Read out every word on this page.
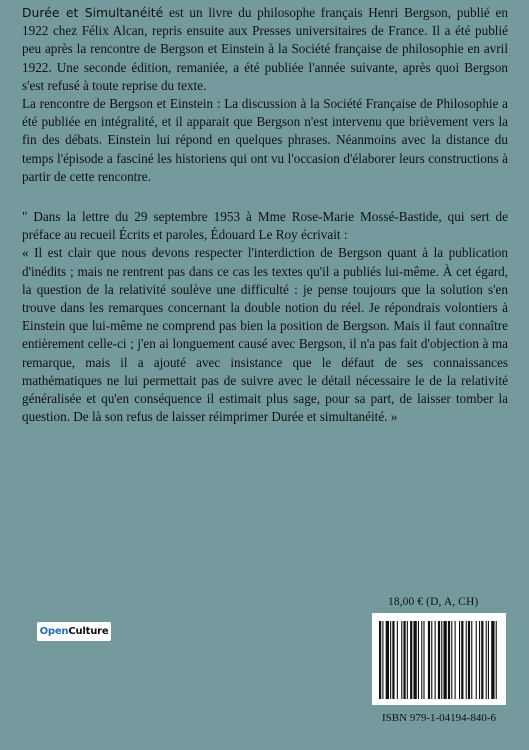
Durée et Simultanéité est un livre du philosophe français Henri Bergson, publié en 1922 chez Félix Alcan, repris ensuite aux Presses universitaires de France. Il a été publié peu après la rencontre de Bergson et Einstein à la Société française de philosophie en avril 1922. Une seconde édition, remaniée, a été publiée l'année suivante, après quoi Bergson s'est refusé à toute reprise du texte.

La rencontre de Bergson et Einstein : La discussion à la Société Française de Philosophie a été publiée en intégralité, et il apparait que Bergson n'est intervenu que brièvement vers la fin des débats. Einstein lui répond en quelques phrases. Néanmoins avec la distance du temps l'épisode a fasciné les historiens qui ont vu l'occasion d'élaborer leurs constructions à partir de cette rencontre.

" Dans la lettre du 29 septembre 1953 à Mme Rose-Marie Mossé-Bastide, qui sert de préface au recueil Écrits et paroles, Édouard Le Roy écrivait :

« Il est clair que nous devons respecter l'interdiction de Bergson quant à la publication d'inédits ; mais ne rentrent pas dans ce cas les textes qu'il a publiés lui-même. À cet égard, la question de la relativité soulève une difficulté : je pense toujours que la solution s'en trouve dans les remarques concernant la double notion du réel. Je répondrais volontiers à Einstein que lui-même ne comprend pas bien la position de Bergson. Mais il faut connaître entièrement celle-ci ; j'en ai longuement causé avec Bergson, il n'a pas fait d'objection à ma remarque, mais il a ajouté avec insistance que le défaut de ses connaissances mathématiques ne lui permettait pas de suivre avec le détail nécessaire le de la relativité généralisée et qu'en conséquence il estimait plus sage, pour sa part, de laisser tomber la question. De là son refus de laisser réimprimer Durée et simultanéité. »

Open Culture
18,00 € (D, A, CH)
ISBN 979-1-04194-840-6
